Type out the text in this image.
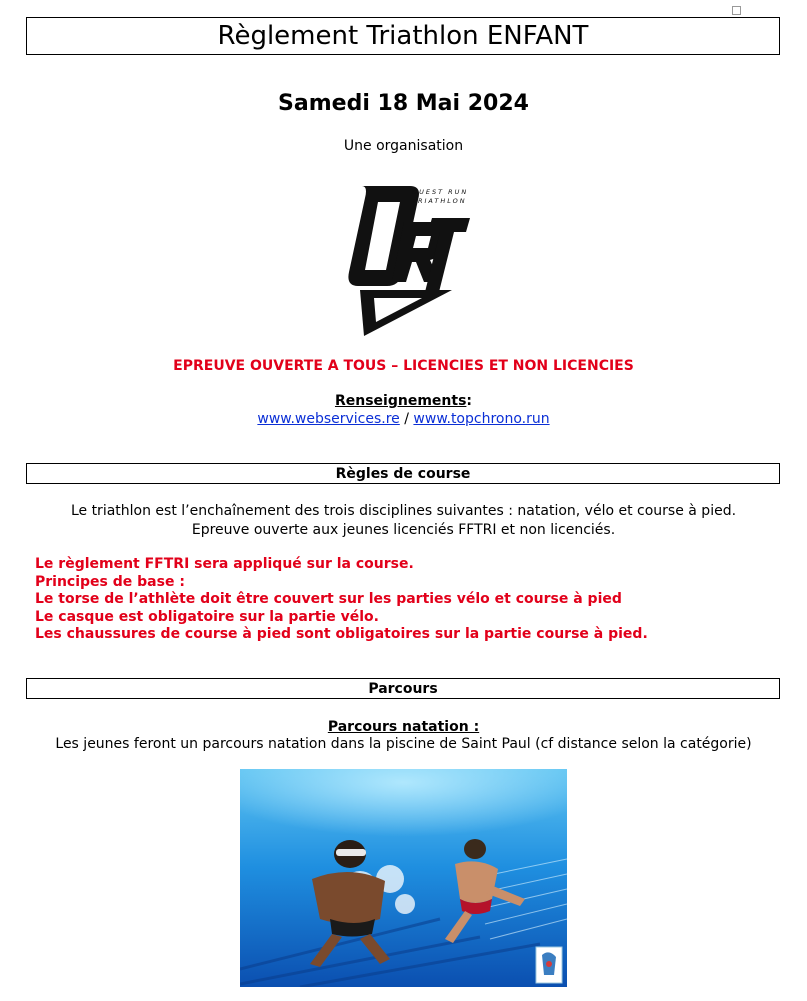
Règlement Triathlon ENFANT
Samedi 18 Mai 2024
Une organisation
OUEST RUN
TRIATHLON
EPREUVE OUVERTE A TOUS – LICENCIES ET NON LICENCIES
Renseignements:
www.webservices.re / www.topchrono.run
Règles de course
Le triathlon est l’enchaînement des trois disciplines suivantes : natation, vélo et course à pied.
Epreuve ouverte aux jeunes licenciés FFTRI et non licenciés.
Le règlement FFTRI sera appliqué sur la course.
Principes de base :
Le torse de l’athlète doit être couvert sur les parties vélo et course à pied
Le casque est obligatoire sur la partie vélo.
Les chaussures de course à pied sont obligatoires sur la partie course à pied.
Parcours
Parcours natation :
Les jeunes feront un parcours natation dans la piscine de Saint Paul (cf distance selon la catégorie)
